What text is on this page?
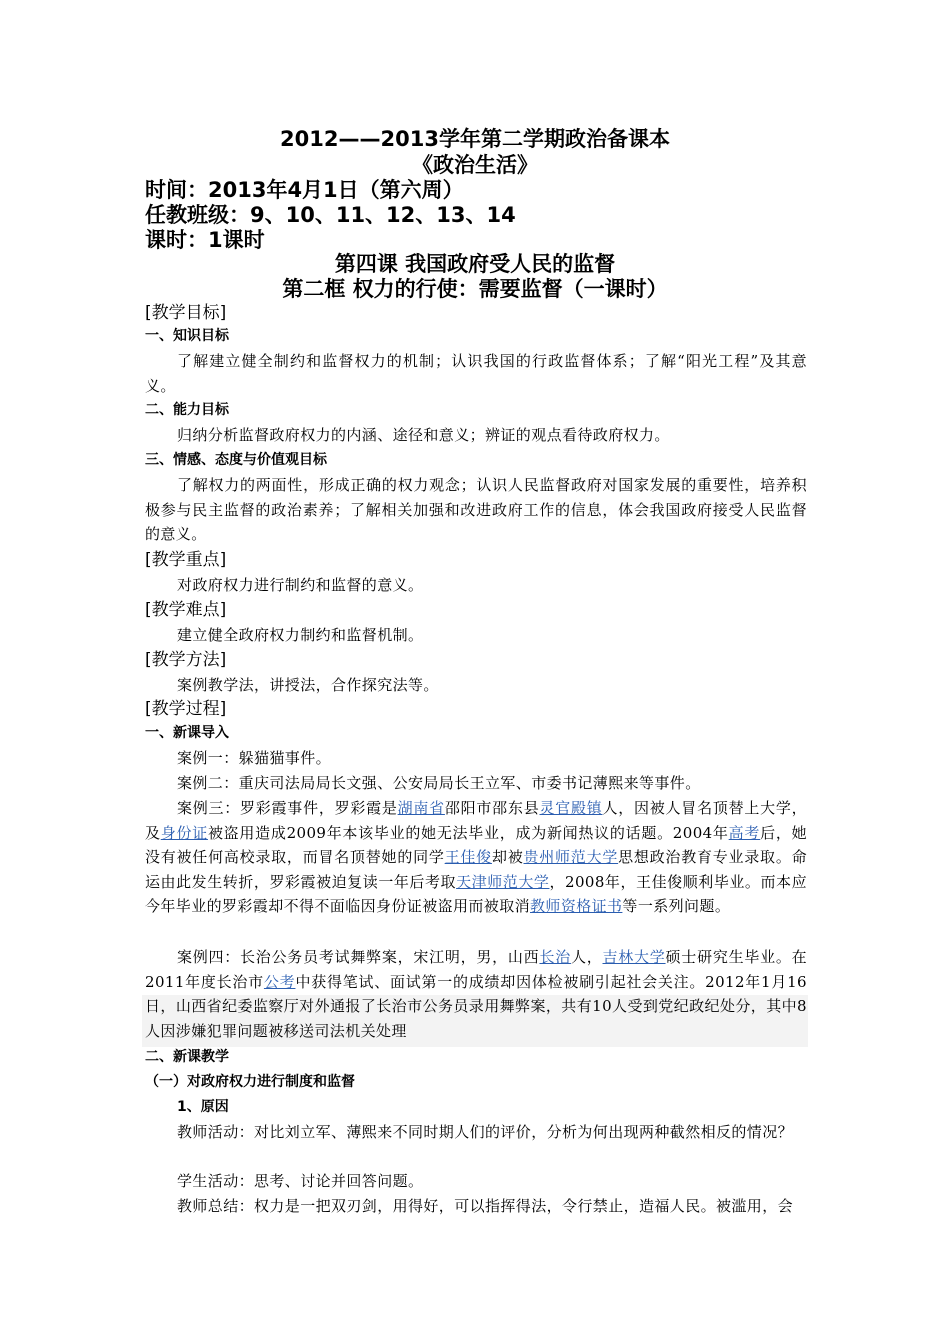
2012——2013学年第二学期政治备课本
《政治生活》
时间：2013年4月1日（第六周）
任教班级：9、10、11、12、13、14
课时：1课时
第四课 我国政府受人民的监督
第二框 权力的行使：需要监督（一课时）
[教学目标]
一、知识目标
了解建立健全制约和监督权力的机制；认识我国的行政监督体系；了解“阳光工程”及其意义。
二、能力目标
归纳分析监督政府权力的内涵、途径和意义；辨证的观点看待政府权力。
三、情感、态度与价值观目标
了解权力的两面性，形成正确的权力观念；认识人民监督政府对国家发展的重要性，培养积极参与民主监督的政治素养；了解相关加强和改进政府工作的信息，体会我国政府接受人民监督的意义。
[教学重点]
对政府权力进行制约和监督的意义。
[教学难点]
建立健全政府权力制约和监督机制。
[教学方法]
案例教学法，讲授法，合作探究法等。
[教学过程]
一、新课导入
案例一：躲猫猫事件。
案例二：重庆司法局局长文强、公安局局长王立军、市委书记薄熙来等事件。
案例三：罗彩霞事件，罗彩霞是湖南省邵阳市邵东县灵官殿镇人，因被人冒名顶替上大学，及身份证被盗用造成2009年本该毕业的她无法毕业，成为新闻热议的话题。2004年高考后，她没有被任何高校录取，而冒名顶替她的同学王佳俊却被贵州师范大学思想政治教育专业录取。命运由此发生转折，罗彩霞被迫复读一年后考取天津师范大学，2008年，王佳俊顺利毕业。而本应今年毕业的罗彩霞却不得不面临因身份证被盗用而被取消教师资格证书等一系列问题。
案例四：长治公务员考试舞弊案，宋江明，男，山西长治人，吉林大学硕士研究生毕业。在2011年度长治市公考中获得笔试、面试第一的成绩却因体检被刷引起社会关注。2012年1月16日，山西省纪委监察厅对外通报了长治市公务员录用舞弊案，共有10人受到党纪政纪处分，其中8人因涉嫌犯罪问题被移送司法机关处理
二、新课教学
（一）对政府权力进行制度和监督
1、原因
教师活动：对比刘立军、薄熙来不同时期人们的评价，分析为何出现两种截然相反的情况？
学生活动：思考、讨论并回答问题。
教师总结：权力是一把双刃剑，用得好，可以指挥得法，令行禁止，造福人民。被滥用，会
